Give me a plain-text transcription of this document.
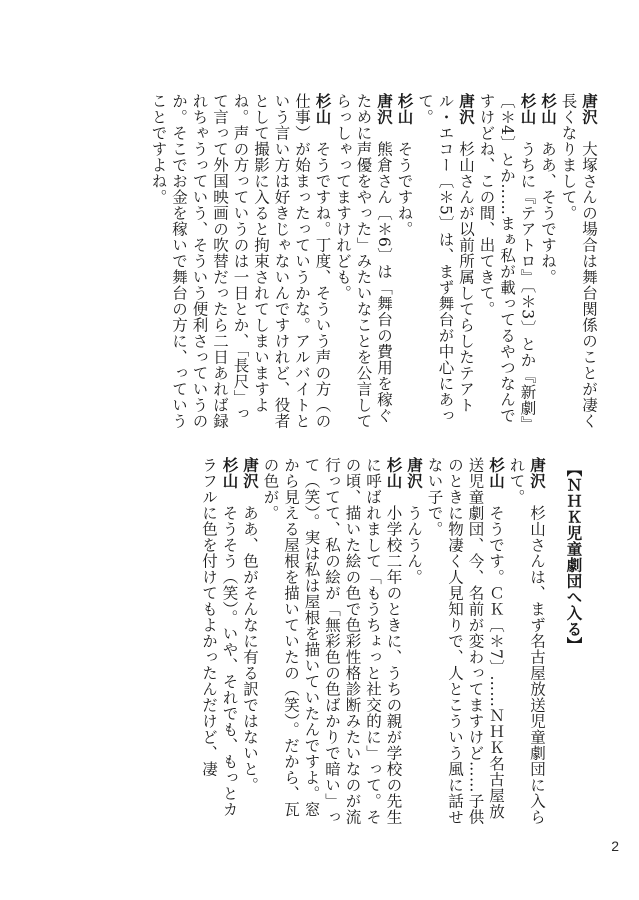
唐沢　大塚さんの場合は舞台関係のことが凄く長くなりまして。

杉山　ああ、そうですね。

杉山　うちに『テアトロ』〔＊3〕とか『新劇』〔＊4〕とか……まぁ私が載ってるやつなんですけどね、この間、出てきて。

唐沢　杉山さんが以前所属してらしたテアトル・エコー〔＊5〕は、まず舞台が中心にあって。

杉山　そうですね。

唐沢　熊倉さん〔＊6〕は「舞台の費用を稼ぐために声優をやった」みたいなことを公言してらっしゃってますけれども。

杉山　そうですね。丁度、そういう声の方（の仕事）が始まったっていうかな。アルバイトという言い方は好きじゃないんですけれど、役者として撮影に入ると拘束されてしまいますよね。声の方っていうのは一日とか、「長尺」って言って外国映画の吹替だったら二日あれば録れちゃうっていう、そういう便利さっていうのか。そこでお金を稼いで舞台の方に、っていうことですよね。

【ＮＨＫ児童劇団へ入る】

唐沢　杉山さんは、まず名古屋放送児童劇団に入られて。

杉山　そうです。ＣＫ〔＊7〕……ＮＨＫ名古屋放送児童劇団、今、名前が変わってますけど……子供のときに物凄く人見知りで、人とこういう風に話せない子で。

唐沢　うんうん。

杉山　小学校二年のときに、うちの親が学校の先生に呼ばれまして「もうちょっと社交的に」って。その頃、描いた絵の色で色彩性格診断みたいなのが流行ってて、私の絵が「無彩色の色ばかりで暗い」って（笑）。実は私は屋根を描いていたんですよ。窓から見える屋根を描いていたの（笑）。だから、瓦の色が。

唐沢　ああ、色がそんなに有る訳ではないと。

杉山　そうそう（笑）。いや、それでも、もっとカラフルに色を付けてもよかったんだけど、凄

2
